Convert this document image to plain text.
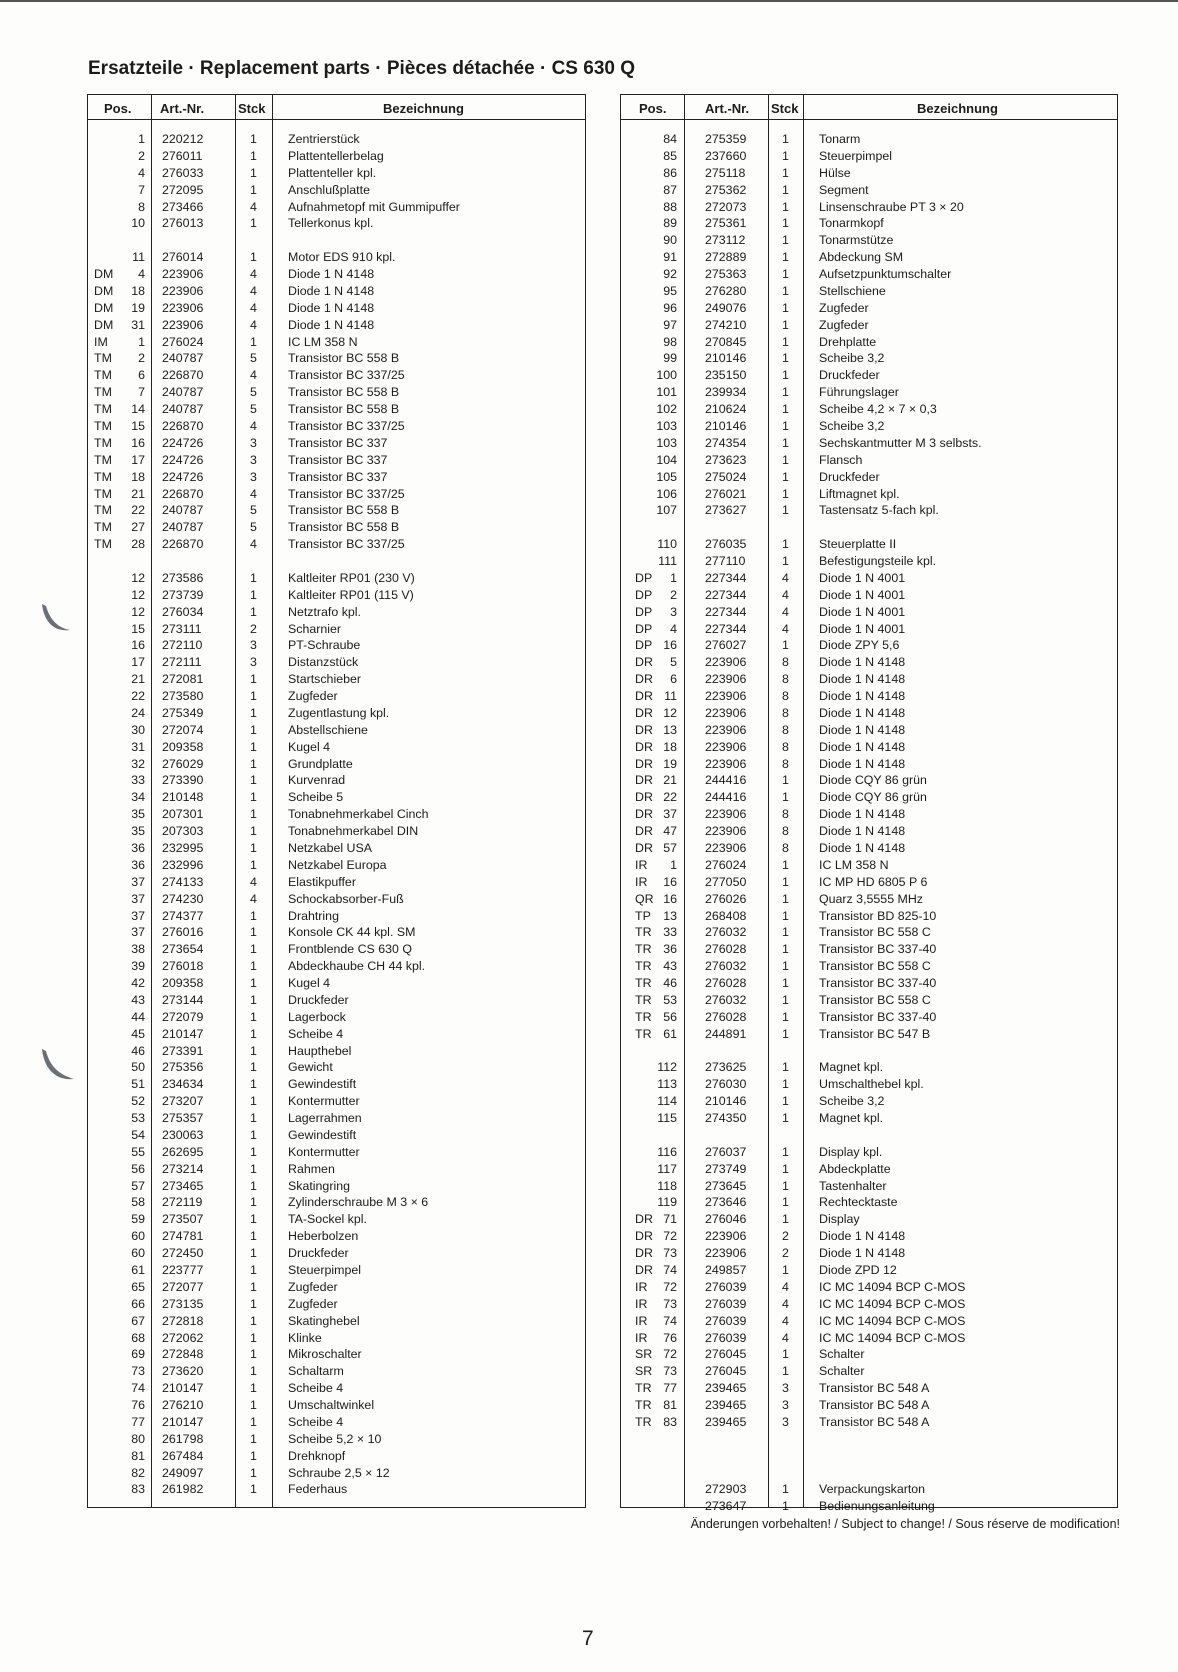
Ersatzteile · Replacement parts · Pièces détachée · CS 630 Q
Pos. Art.-Nr.	Stck	Bezeichnung
1 220212	1	Zentrierstück
2 276011	1	Plattentellerbelag
4 276033	1	Plattenteller kpl.
7 272095	1	Anschlußplatte
8 273466	4	Aufnahmetopf mit Gummipuffer
10 276013	1	Tellerkonus kpl.
11 276014	1	Motor EDS 910 kpl.
DM	4 223906	4	Diode 1 N 4148
DM	18 223906	4	Diode 1 N 4148
DM	19 223906	4	Diode 1 N 4148
DM	31 223906	4	Diode 1 N 4148
IM	1 276024	1	IC LM 358 N
TM	2 240787	5	Transistor BC 558 B
TM	6 226870	4	Transistor BC 337/25
TM	7 240787	5	Transistor BC 558 B
TM	14 240787	5	Transistor BC 558 B
TM	15 226870	4	Transistor BC 337/25
TM	16 224726	3	Transistor BC 337
TM	17 224726	3	Transistor BC 337
TM	18 224726	3	Transistor BC 337
TM	21 226870	4	Transistor BC 337/25
TM	22 240787	5	Transistor BC 558 B
TM	27 240787	5	Transistor BC 558 B
TM	28 226870	4	Transistor BC 337/25
12 273586	1	Kaltleiter RP01 (230 V)
12 273739	1	Kaltleiter RP01 (115 V)
12 276034	1	Netztrafo kpl.
15 273111	2	Scharnier
16 272110	3	PT-Schraube
17 272111	3	Distanzstück
21 272081	1	Startschieber
22 273580	1	Zugfeder
24 275349	1	Zugentlastung kpl.
30 272074	1	Abstellschiene
31 209358	1	Kugel 4
32 276029	1	Grundplatte
33 273390	1	Kurvenrad
34 210148	1	Scheibe 5
35 207301	1	Tonabnehmerkabel Cinch
35 207303	1	Tonabnehmerkabel DIN
36 232995	1	Netzkabel USA
36 232996	1	Netzkabel Europa
37 274133	4	Elastikpuffer
37 274230	4	Schockabsorber-Fuß
37 274377	1	Drahtring
37 276016	1	Konsole CK 44 kpl. SM
38 273654	1	Frontblende CS 630 Q
39 276018	1	Abdeckhaube CH 44 kpl.
42 209358	1	Kugel 4
43 273144	1	Druckfeder
44 272079	1	Lagerbock
45 210147	1	Scheibe 4
46 273391	1	Haupthebel
50 275356	1	Gewicht
51 234634	1	Gewindestift
52 273207	1	Kontermutter
53 275357	1	Lagerrahmen
54 230063	1	Gewindestift
55 262695	1	Kontermutter
56 273214	1	Rahmen
57 273465	1	Skatingring
58 272119	1	Zylinderschraube M 3 × 6
59 273507	1	TA-Sockel kpl.
60 274781	1	Heberbolzen
60 272450	1	Druckfeder
61 223777	1	Steuerpimpel
65 272077	1	Zugfeder
66 273135	1	Zugfeder
67 272818	1	Skatinghebel
68 272062	1	Klinke
69 272848	1	Mikroschalter
73 273620	1	Schaltarm
74 210147	1	Scheibe 4
76 276210	1	Umschaltwinkel
77 210147	1	Scheibe 4
80 261798	1	Scheibe 5,2 × 10
81 267484	1	Drehknopf
82 249097	1	Schraube 2,5 × 12
83 261982	1	Federhaus
Pos.	Art.-Nr. Stck	Bezeichnung
84 275359	1	Tonarm
85 237660	1	Steuerpimpel
86 275118	1	Hülse
87 275362	1	Segment
88 272073	1	Linsenschraube PT 3 × 20
89 275361	1	Tonarmkopf
90 273112	1	Tonarmstütze
91 272889	1	Abdeckung SM
92 275363	1	Aufsetzpunktumschalter
95 276280	1	Stellschiene
96 249076	1	Zugfeder
97 274210	1	Zugfeder
98 270845	1	Drehplatte
99 210146	1	Scheibe 3,2
100 235150	1	Druckfeder
101 239934	1	Führungslager
102 210624	1	Scheibe 4,2 × 7 × 0,3
103 210146	1	Scheibe 3,2
103 274354	1	Sechskantmutter M 3 selbsts.
104 273623	1	Flansch
105 275024	1	Druckfeder
106 276021	1	Liftmagnet kpl.
107 273627	1	Tastensatz 5-fach kpl.
110 276035	1	Steuerplatte II
111 277110	1	Befestigungsteile kpl.
DP	1 227344	4	Diode 1 N 4001
DP	2 227344	4	Diode 1 N 4001
DP	3 227344	4	Diode 1 N 4001
DP	4 227344	4	Diode 1 N 4001
DP 16 276027	1	Diode ZPY 5,6
DR	5 223906	8	Diode 1 N 4148
DR	6 223906	8	Diode 1 N 4148
DR 11 223906	8	Diode 1 N 4148
DR 12 223906	8	Diode 1 N 4148
DR 13 223906	8	Diode 1 N 4148
DR 18 223906	8	Diode 1 N 4148
DR 19 223906	8	Diode 1 N 4148
DR 21 244416	1	Diode CQY 86 grün
DR 22 244416	1	Diode CQY 86 grün
DR 37 223906	8	Diode 1 N 4148
DR 47 223906	8	Diode 1 N 4148
DR 57 223906	8	Diode 1 N 4148
IR	1 276024	1	IC LM 358 N
IR	16 277050	1	IC MP HD 6805 P 6
QR 16 276026	1	Quarz 3,5555 MHz
TP 13 268408	1	Transistor BD 825-10
TR 33 276032	1	Transistor BC 558 C
TR 36 276028	1	Transistor BC 337-40
TR 43 276032	1	Transistor BC 558 C
TR 46 276028	1	Transistor BC 337-40
TR 53 276032	1	Transistor BC 558 C
TR 56 276028	1	Transistor BC 337-40
TR 61 244891	1	Transistor BC 547 B
112 273625	1	Magnet kpl.
113 276030	1	Umschalthebel kpl.
114 210146	1	Scheibe 3,2
115 274350	1	Magnet kpl.
116 276037	1	Display kpl.
117 273749	1	Abdeckplatte
118 273645	1	Tastenhalter
119 273646	1	Rechtecktaste
DR 71 276046	1	Display
DR 72 223906	2	Diode 1 N 4148
DR 73 223906	2	Diode 1 N 4148
DR 74 249857	1	Diode ZPD 12
IR	72 276039	4	IC MC 14094 BCP C-MOS
IR	73 276039	4	IC MC 14094 BCP C-MOS
IR	74 276039	4	IC MC 14094 BCP C-MOS
IR	76 276039	4	IC MC 14094 BCP C-MOS
SR 72 276045	1	Schalter
SR 73 276045	1	Schalter
TR 77 239465	3	Transistor BC 548 A
TR 81 239465	3	Transistor BC 548 A
TR 83 239465	3	Transistor BC 548 A
272903	1	Verpackungskarton
273647	1	Bedienungsanleitung
Änderungen vorbehalten! / Subject to change! / Sous réserve de modification!
7
